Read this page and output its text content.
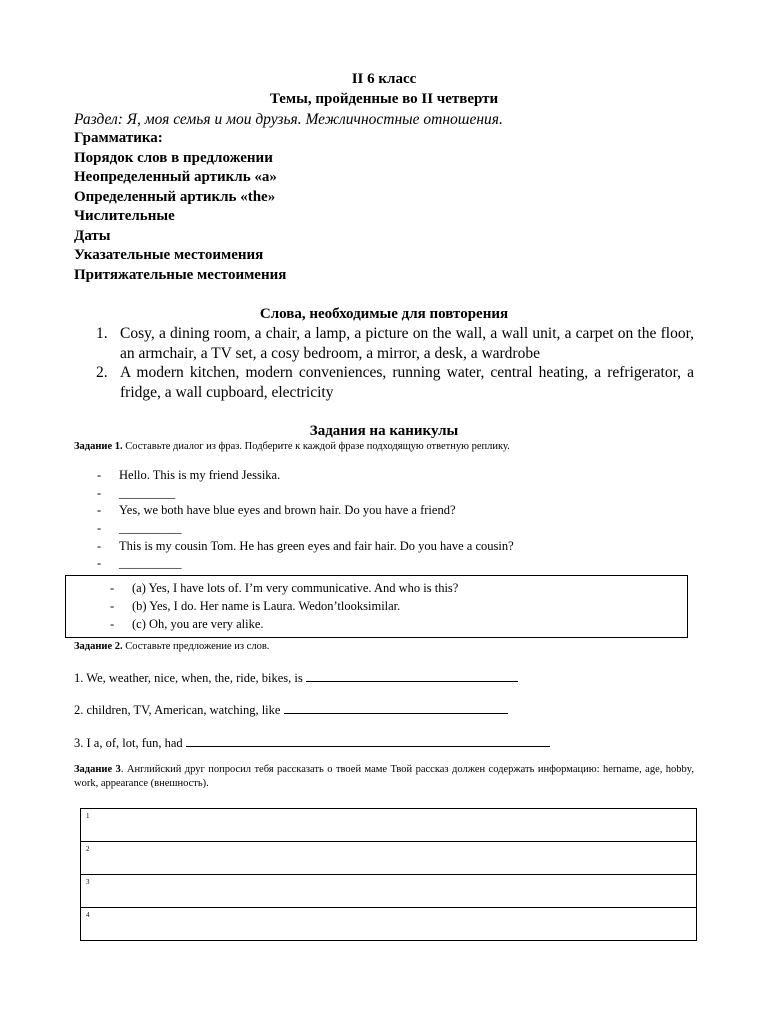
II 6 класс
Темы, пройденные во II четверти
Раздел: Я, моя семья и мои друзья. Межличностные отношения.
Грамматика:
Порядок слов в предложении
Неопределенный артикль «a»
Определенный артикль «the»
Числительные
Даты
Указательные местоимения
Притяжательные местоимения
Слова, необходимые для повторения
1. Cosy, a dining room, a chair, a lamp, a picture on the wall, a wall unit, a carpet on the floor, an armchair, a TV set, a cosy bedroom, a mirror, a desk, a wardrobe
2. A modern kitchen, modern conveniences, running water, central heating, a refrigerator, a fridge, a wall cupboard, electricity
Задания на каникулы
Задание 1. Составьте диалог из фраз. Подберите к каждой фразе подходящую ответную реплику.
- Hello. This is my friend Jessika.
- _________
- Yes, we both have blue eyes and brown hair. Do you have a friend?
- __________
- This is my cousin Tom. He has green eyes and fair hair. Do you have a cousin?
- __________
- (a) Yes, I have lots of. I’m very communicative. And who is this?
- (b) Yes, I do. Her name is Laura. Wedon’tlooksimilar.
- (c) Oh, you are very alike.
Задание 2. Составьте предложение из слов.
1. We, weather, nice, when, the, ride, bikes, is
2. children, TV, American, watching, like
3. I a, of, lot, fun, had
Задание 3. Английский друг попросил тебя рассказать о твоей маме Твой рассказ должен содержать информацию: hername, age, hobby, work, appearance (внешность).
1
2
3
4
